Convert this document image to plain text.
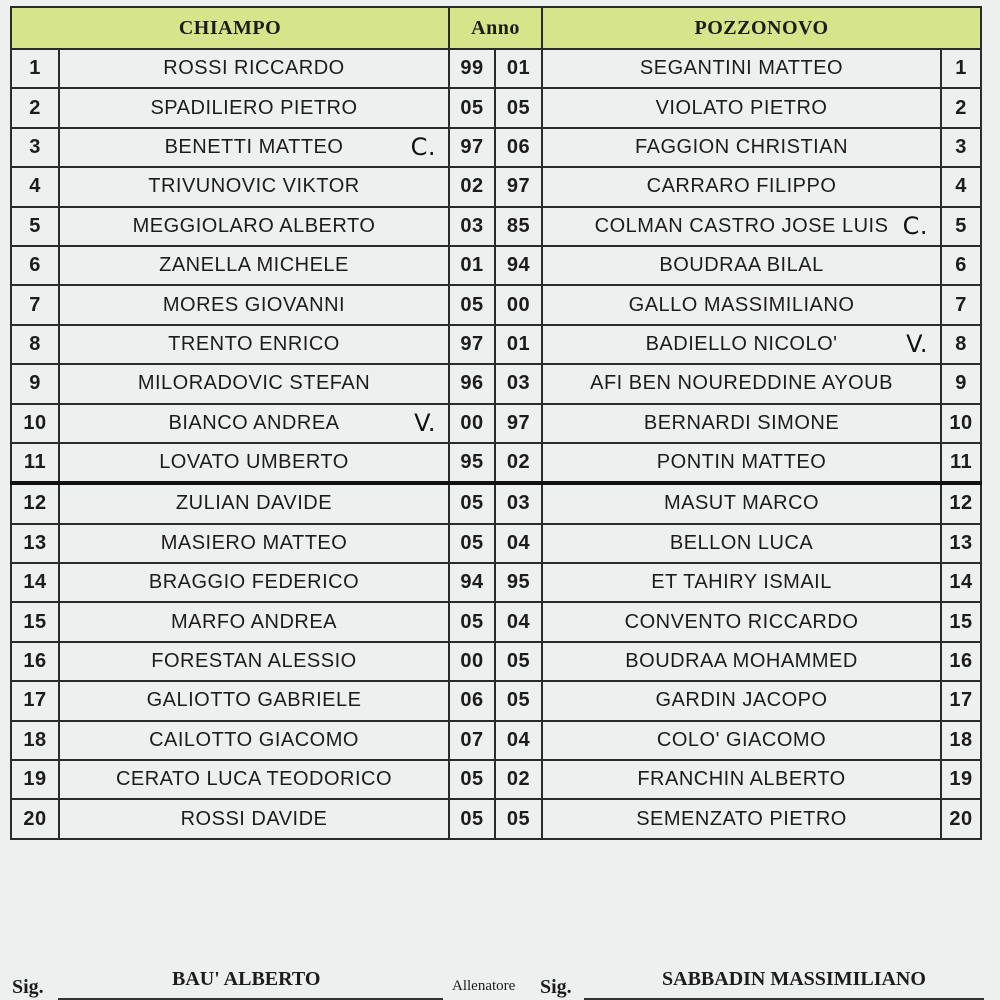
CHIAMPO		Anno		POZZONOVO	
1	ROSSI RICCARDO	99	01	SEGANTINI MATTEO	1
2	SPADILIERO PIETRO	05	05	VIOLATO PIETRO	2
3	BENETTI MATTEO C.	97	06	FAGGION CHRISTIAN	3
4	TRIVUNOVIC VIKTOR	02	97	CARRARO FILIPPO	4
5	MEGGIOLARO ALBERTO	03	85	COLMAN CASTRO JOSE LUIS C.	5
6	ZANELLA MICHELE	01	94	BOUDRAA BILAL	6
7	MORES GIOVANNI	05	00	GALLO MASSIMILIANO	7
8	TRENTO ENRICO	97	01	BADIELLO NICOLO' V.	8
9	MILORADOVIC STEFAN	96	03	AFI BEN NOUREDDINE AYOUB	9
10	BIANCO ANDREA V.	00	97	BERNARDI SIMONE	10
11	LOVATO UMBERTO	95	02	PONTIN MATTEO	11
12	ZULIAN DAVIDE	05	03	MASUT MARCO	12
13	MASIERO MATTEO	05	04	BELLON LUCA	13
14	BRAGGIO FEDERICO	94	95	ET TAHIRY ISMAIL	14
15	MARFO ANDREA	05	04	CONVENTO RICCARDO	15
16	FORESTAN ALESSIO	00	05	BOUDRAA MOHAMMED	16
17	GALIOTTO GABRIELE	06	05	GARDIN JACOPO	17
18	CAILOTTO GIACOMO	07	04	COLO' GIACOMO	18
19	CERATO LUCA TEODORICO	05	02	FRANCHIN ALBERTO	19
20	ROSSI DAVIDE	05	05	SEMENZATO PIETRO	20
Sig.	BAU' ALBERTO	Allenatore Sig.	SABBADIN MASSIMILIANO
